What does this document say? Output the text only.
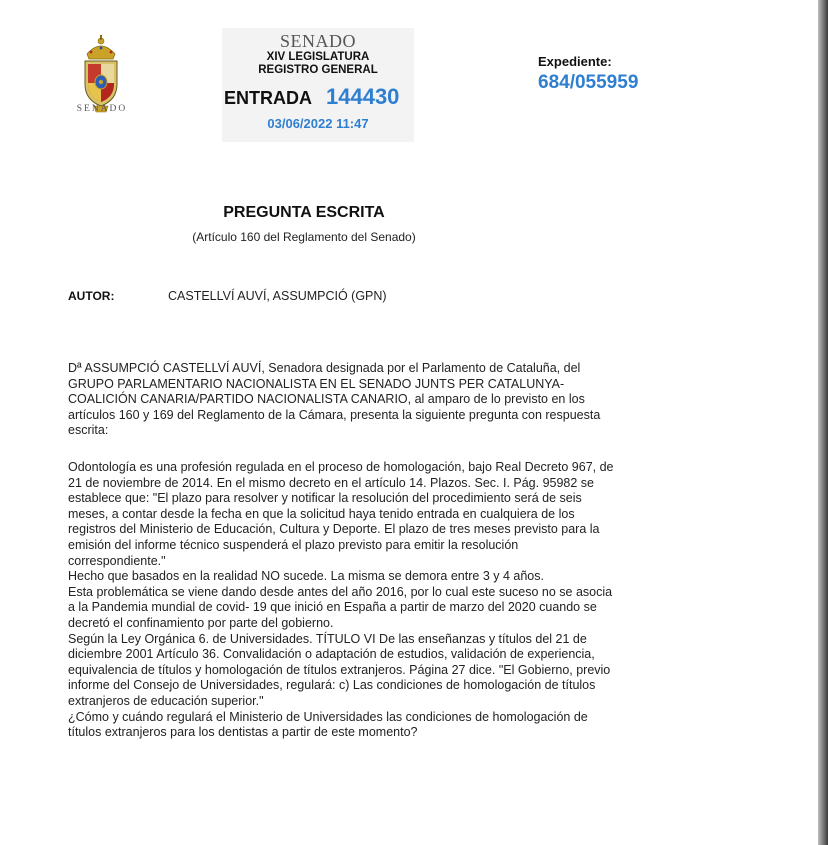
SENADO
SENADO
XIV LEGISLATURA
REGISTRO GENERAL
ENTRADA 144430
03/06/2022 11:47
Expediente:
684/055959
PREGUNTA ESCRITA
(Artículo 160 del Reglamento del Senado)
AUTOR:	CASTELLVÍ AUVÍ, ASSUMPCIÓ (GPN)
Dª ASSUMPCIÓ CASTELLVÍ AUVÍ, Senadora designada por el Parlamento de Cataluña, del
GRUPO PARLAMENTARIO NACIONALISTA EN EL SENADO JUNTS PER CATALUNYA-
COALICIÓN CANARIA/PARTIDO NACIONALISTA CANARIO, al amparo de lo previsto en los
artículos 160 y 169 del Reglamento de la Cámara, presenta la siguiente pregunta con respuesta
escrita:
Odontología es una profesión regulada en el proceso de homologación, bajo Real Decreto 967, de
21 de noviembre de 2014. En el mismo decreto en el artículo 14. Plazos. Sec. I. Pág. 95982 se
establece que: "El plazo para resolver y notificar la resolución del procedimiento será de seis
meses, a contar desde la fecha en que la solicitud haya tenido entrada en cualquiera de los
registros del Ministerio de Educación, Cultura y Deporte. El plazo de tres meses previsto para la
emisión del informe técnico suspenderá el plazo previsto para emitir la resolución
correspondiente."
Hecho que basados en la realidad NO sucede. La misma se demora entre 3 y 4 años.
Esta problemática se viene dando desde antes del año 2016, por lo cual este suceso no se asocia
a la Pandemia mundial de covid- 19 que inició en España a partir de marzo del 2020 cuando se
decretó el confinamiento por parte del gobierno.
Según la Ley Orgánica 6. de Universidades. TÍTULO VI De las enseñanzas y títulos del 21 de
diciembre 2001 Artículo 36. Convalidación o adaptación de estudios, validación de experiencia,
equivalencia de títulos y homologación de títulos extranjeros. Página 27 dice. "El Gobierno, previo
informe del Consejo de Universidades, regulará: c) Las condiciones de homologación de títulos
extranjeros de educación superior."
¿Cómo y cuándo regulará el Ministerio de Universidades las condiciones de homologación de
títulos extranjeros para los dentistas a partir de este momento?
